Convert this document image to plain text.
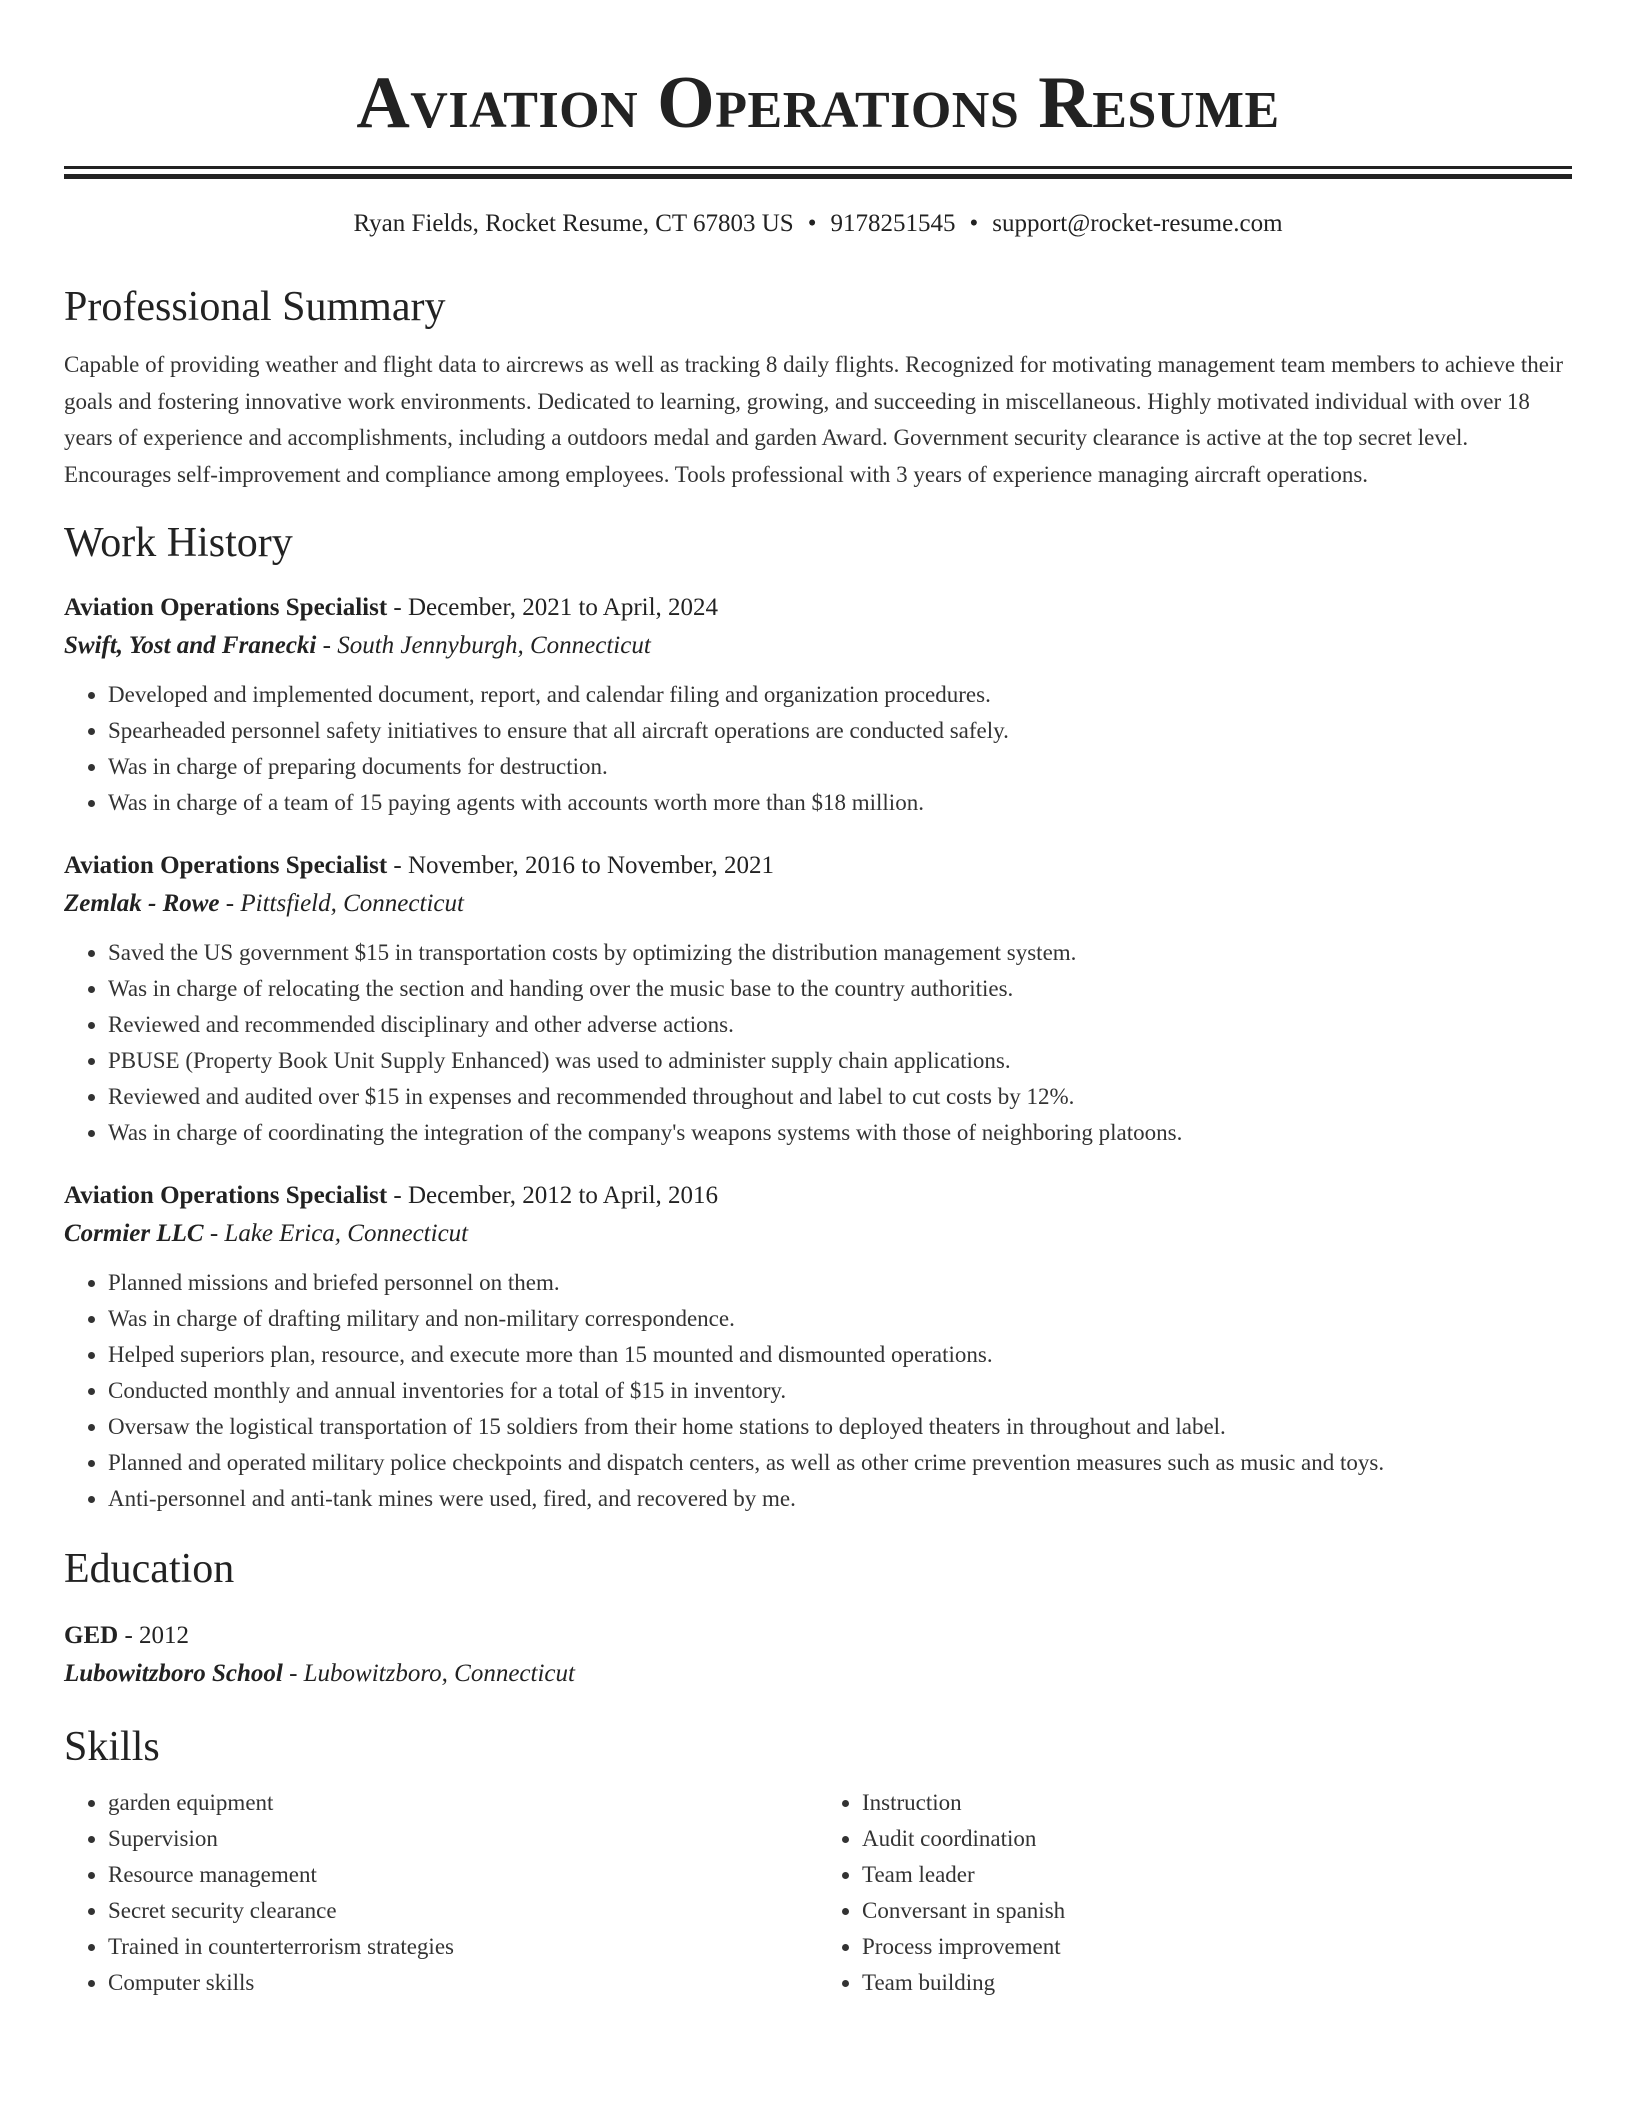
Aviation Operations Resume
Ryan Fields, Rocket Resume, CT 67803 US • 9178251545 • support@rocket-resume.com
Professional Summary

Capable of providing weather and flight data to aircrews as well as tracking 8 daily flights. Recognized for motivating management team members to achieve their goals and fostering innovative work environments. Dedicated to learning, growing, and succeeding in miscellaneous. Highly motivated individual with over 18 years of experience and accomplishments, including a outdoors medal and garden Award. Government security clearance is active at the top secret level. Encourages self-improvement and compliance among employees. Tools professional with 3 years of experience managing aircraft operations.

Work History
Aviation Operations Specialist - December, 2021 to April, 2024
Swift, Yost and Franecki - South Jennyburgh, Connecticut
• Developed and implemented document, report, and calendar filing and organization procedures.
• Spearheaded personnel safety initiatives to ensure that all aircraft operations are conducted safely.
• Was in charge of preparing documents for destruction.
• Was in charge of a team of 15 paying agents with accounts worth more than $18 million.
Aviation Operations Specialist - November, 2016 to November, 2021
Zemlak - Rowe - Pittsfield, Connecticut
• Saved the US government $15 in transportation costs by optimizing the distribution management system.
• Was in charge of relocating the section and handing over the music base to the country authorities.
• Reviewed and recommended disciplinary and other adverse actions.
• PBUSE (Property Book Unit Supply Enhanced) was used to administer supply chain applications.
• Reviewed and audited over $15 in expenses and recommended throughout and label to cut costs by 12%.
• Was in charge of coordinating the integration of the company's weapons systems with those of neighboring platoons.
Aviation Operations Specialist - December, 2012 to April, 2016
Cormier LLC - Lake Erica, Connecticut
• Planned missions and briefed personnel on them.
• Was in charge of drafting military and non-military correspondence.
• Helped superiors plan, resource, and execute more than 15 mounted and dismounted operations.
• Conducted monthly and annual inventories for a total of $15 in inventory.
• Oversaw the logistical transportation of 15 soldiers from their home stations to deployed theaters in throughout and label.
• Planned and operated military police checkpoints and dispatch centers, as well as other crime prevention measures such as music and toys.
• Anti-personnel and anti-tank mines were used, fired, and recovered by me.
Education
GED - 2012
Lubowitzboro School - Lubowitzboro, Connecticut
Skills
• garden equipment
• Supervision
• Resource management
• Secret security clearance
• Trained in counterterrorism strategies
• Computer skills
• Instruction
• Audit coordination
• Team leader
• Conversant in spanish
• Process improvement
• Team building
